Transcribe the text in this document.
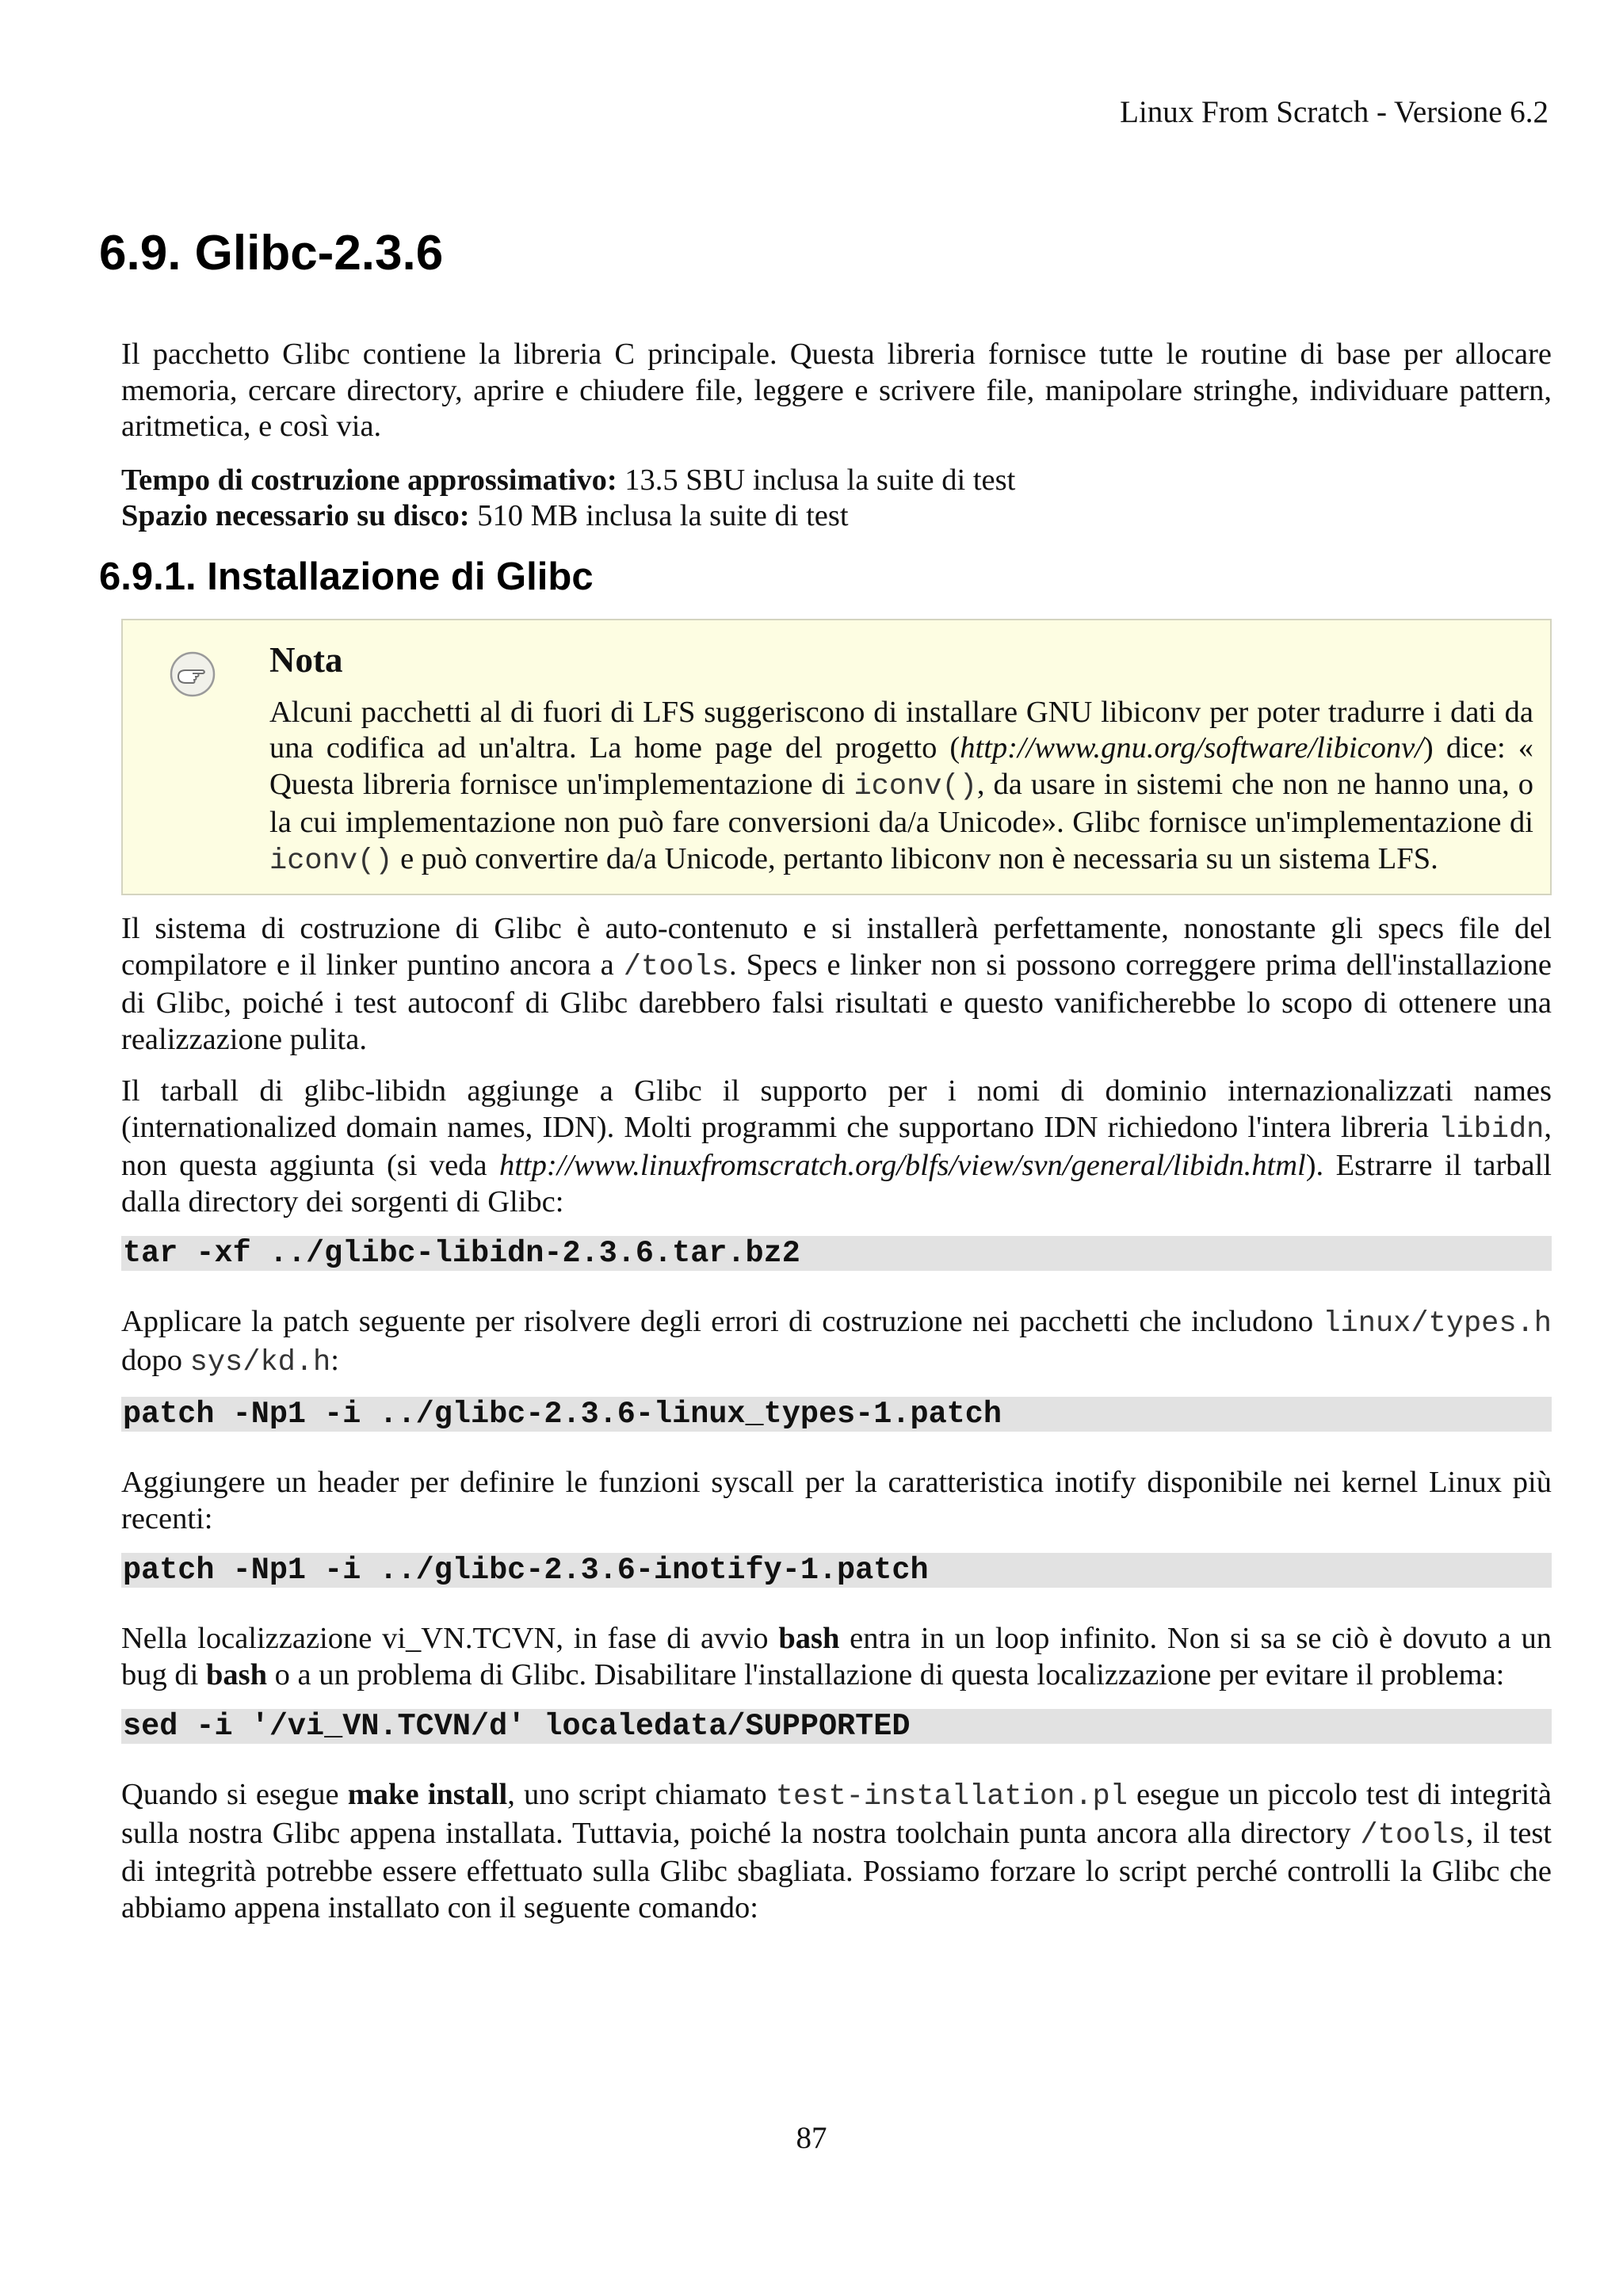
Linux From Scratch - Versione 6.2
6.9. Glibc-2.3.6

Il pacchetto Glibc contiene la libreria C principale. Questa libreria fornisce tutte le routine di base per allocare memoria, cercare directory, aprire e chiudere file, leggere e scrivere file, manipolare stringhe, individuare pattern, aritmetica, e così via.

Tempo di costruzione approssimativo: 13.5 SBU inclusa la suite di test
Spazio necessario su disco: 510 MB inclusa la suite di test
6.9.1. Installazione di Glibc
Nota

Alcuni pacchetti al di fuori di LFS suggeriscono di installare GNU libiconv per poter tradurre i dati da una codifica ad un'altra. La home page del progetto (http://www.gnu.org/software/libiconv/) dice: « Questa libreria fornisce un'implementazione di iconv(), da usare in sistemi che non ne hanno una, o la cui implementazione non può fare conversioni da/a Unicode». Glibc fornisce un'implementazione di iconv() e può convertire da/a Unicode, pertanto libiconv non è necessaria su un sistema LFS.

Il sistema di costruzione di Glibc è auto-contenuto e si installerà perfettamente, nonostante gli specs file del compilatore e il linker puntino ancora a /tools. Specs e linker non si possono correggere prima dell'installazione di Glibc, poiché i test autoconf di Glibc darebbero falsi risultati e questo vanificherebbe lo scopo di ottenere una realizzazione pulita.

Il tarball di glibc-libidn aggiunge a Glibc il supporto per i nomi di dominio internazionalizzati names (internationalized domain names, IDN). Molti programmi che supportano IDN richiedono l'intera libreria libidn, non questa aggiunta (si veda http://www.linuxfromscratch.org/blfs/view/svn/general/libidn.html). Estrarre il tarball dalla directory dei sorgenti di Glibc:

tar -xf ../glibc-libidn-2.3.6.tar.bz2

Applicare la patch seguente per risolvere degli errori di costruzione nei pacchetti che includono linux/types.h dopo sys/kd.h:

patch -Np1 -i ../glibc-2.3.6-linux_types-1.patch

Aggiungere un header per definire le funzioni syscall per la caratteristica inotify disponibile nei kernel Linux più recenti:

patch -Np1 -i ../glibc-2.3.6-inotify-1.patch

Nella localizzazione vi_VN.TCVN, in fase di avvio bash entra in un loop infinito. Non si sa se ciò è dovuto a un bug di bash o a un problema di Glibc. Disabilitare l'installazione di questa localizzazione per evitare il problema:

sed -i '/vi_VN.TCVN/d' localedata/SUPPORTED

Quando si esegue make install, uno script chiamato test-installation.pl esegue un piccolo test di integrità sulla nostra Glibc appena installata. Tuttavia, poiché la nostra toolchain punta ancora alla directory /tools, il test di integrità potrebbe essere effettuato sulla Glibc sbagliata. Possiamo forzare lo script perché controlli la Glibc che abbiamo appena installato con il seguente comando:

87
